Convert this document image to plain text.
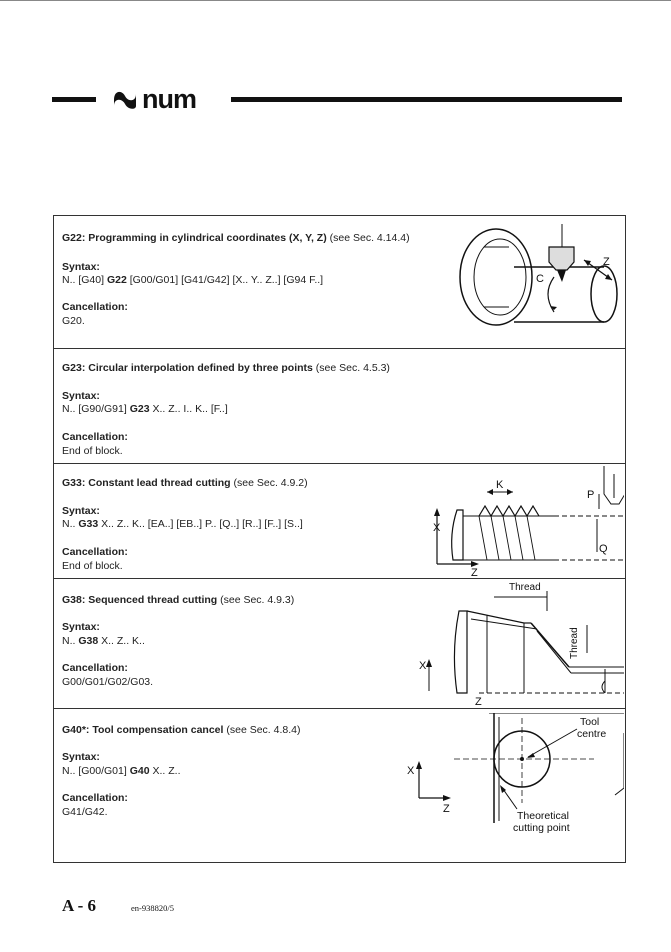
num
G22: Programming in cylindrical coordinates (X, Y, Z) (see Sec. 4.14.4)
Syntax:
N.. [G40] G22 [G00/G01] [G41/G42] [X.. Y.. Z..] [G94 F..]
Cancellation:
G20.
C
Z
G23: Circular interpolation defined by three points (see Sec. 4.5.3)
Syntax:
N.. [G90/G91] G23 X.. Z.. I.. K.. [F..]
Cancellation:
End of block.
G33: Constant lead thread cutting (see Sec. 4.9.2)
Syntax:
N.. G33 X.. Z.. K.. [EA..] [EB..] P.. [Q..] [R..] [F..] [S..]
Cancellation:
End of block.
X
Z
K
P
Q
G38: Sequenced thread cutting (see Sec. 4.9.3)
Syntax:
N.. G38 X.. Z.. K..
Cancellation:
G00/G01/G02/G03.
Thread
Thread
X
Z
G40*: Tool compensation cancel (see Sec. 4.8.4)
Syntax:
N.. [G00/G01] G40 X.. Z..
Cancellation:
G41/G42.
X
Z
Tool
centre
Theoretical
cutting point
A - 6	en-938820/5
